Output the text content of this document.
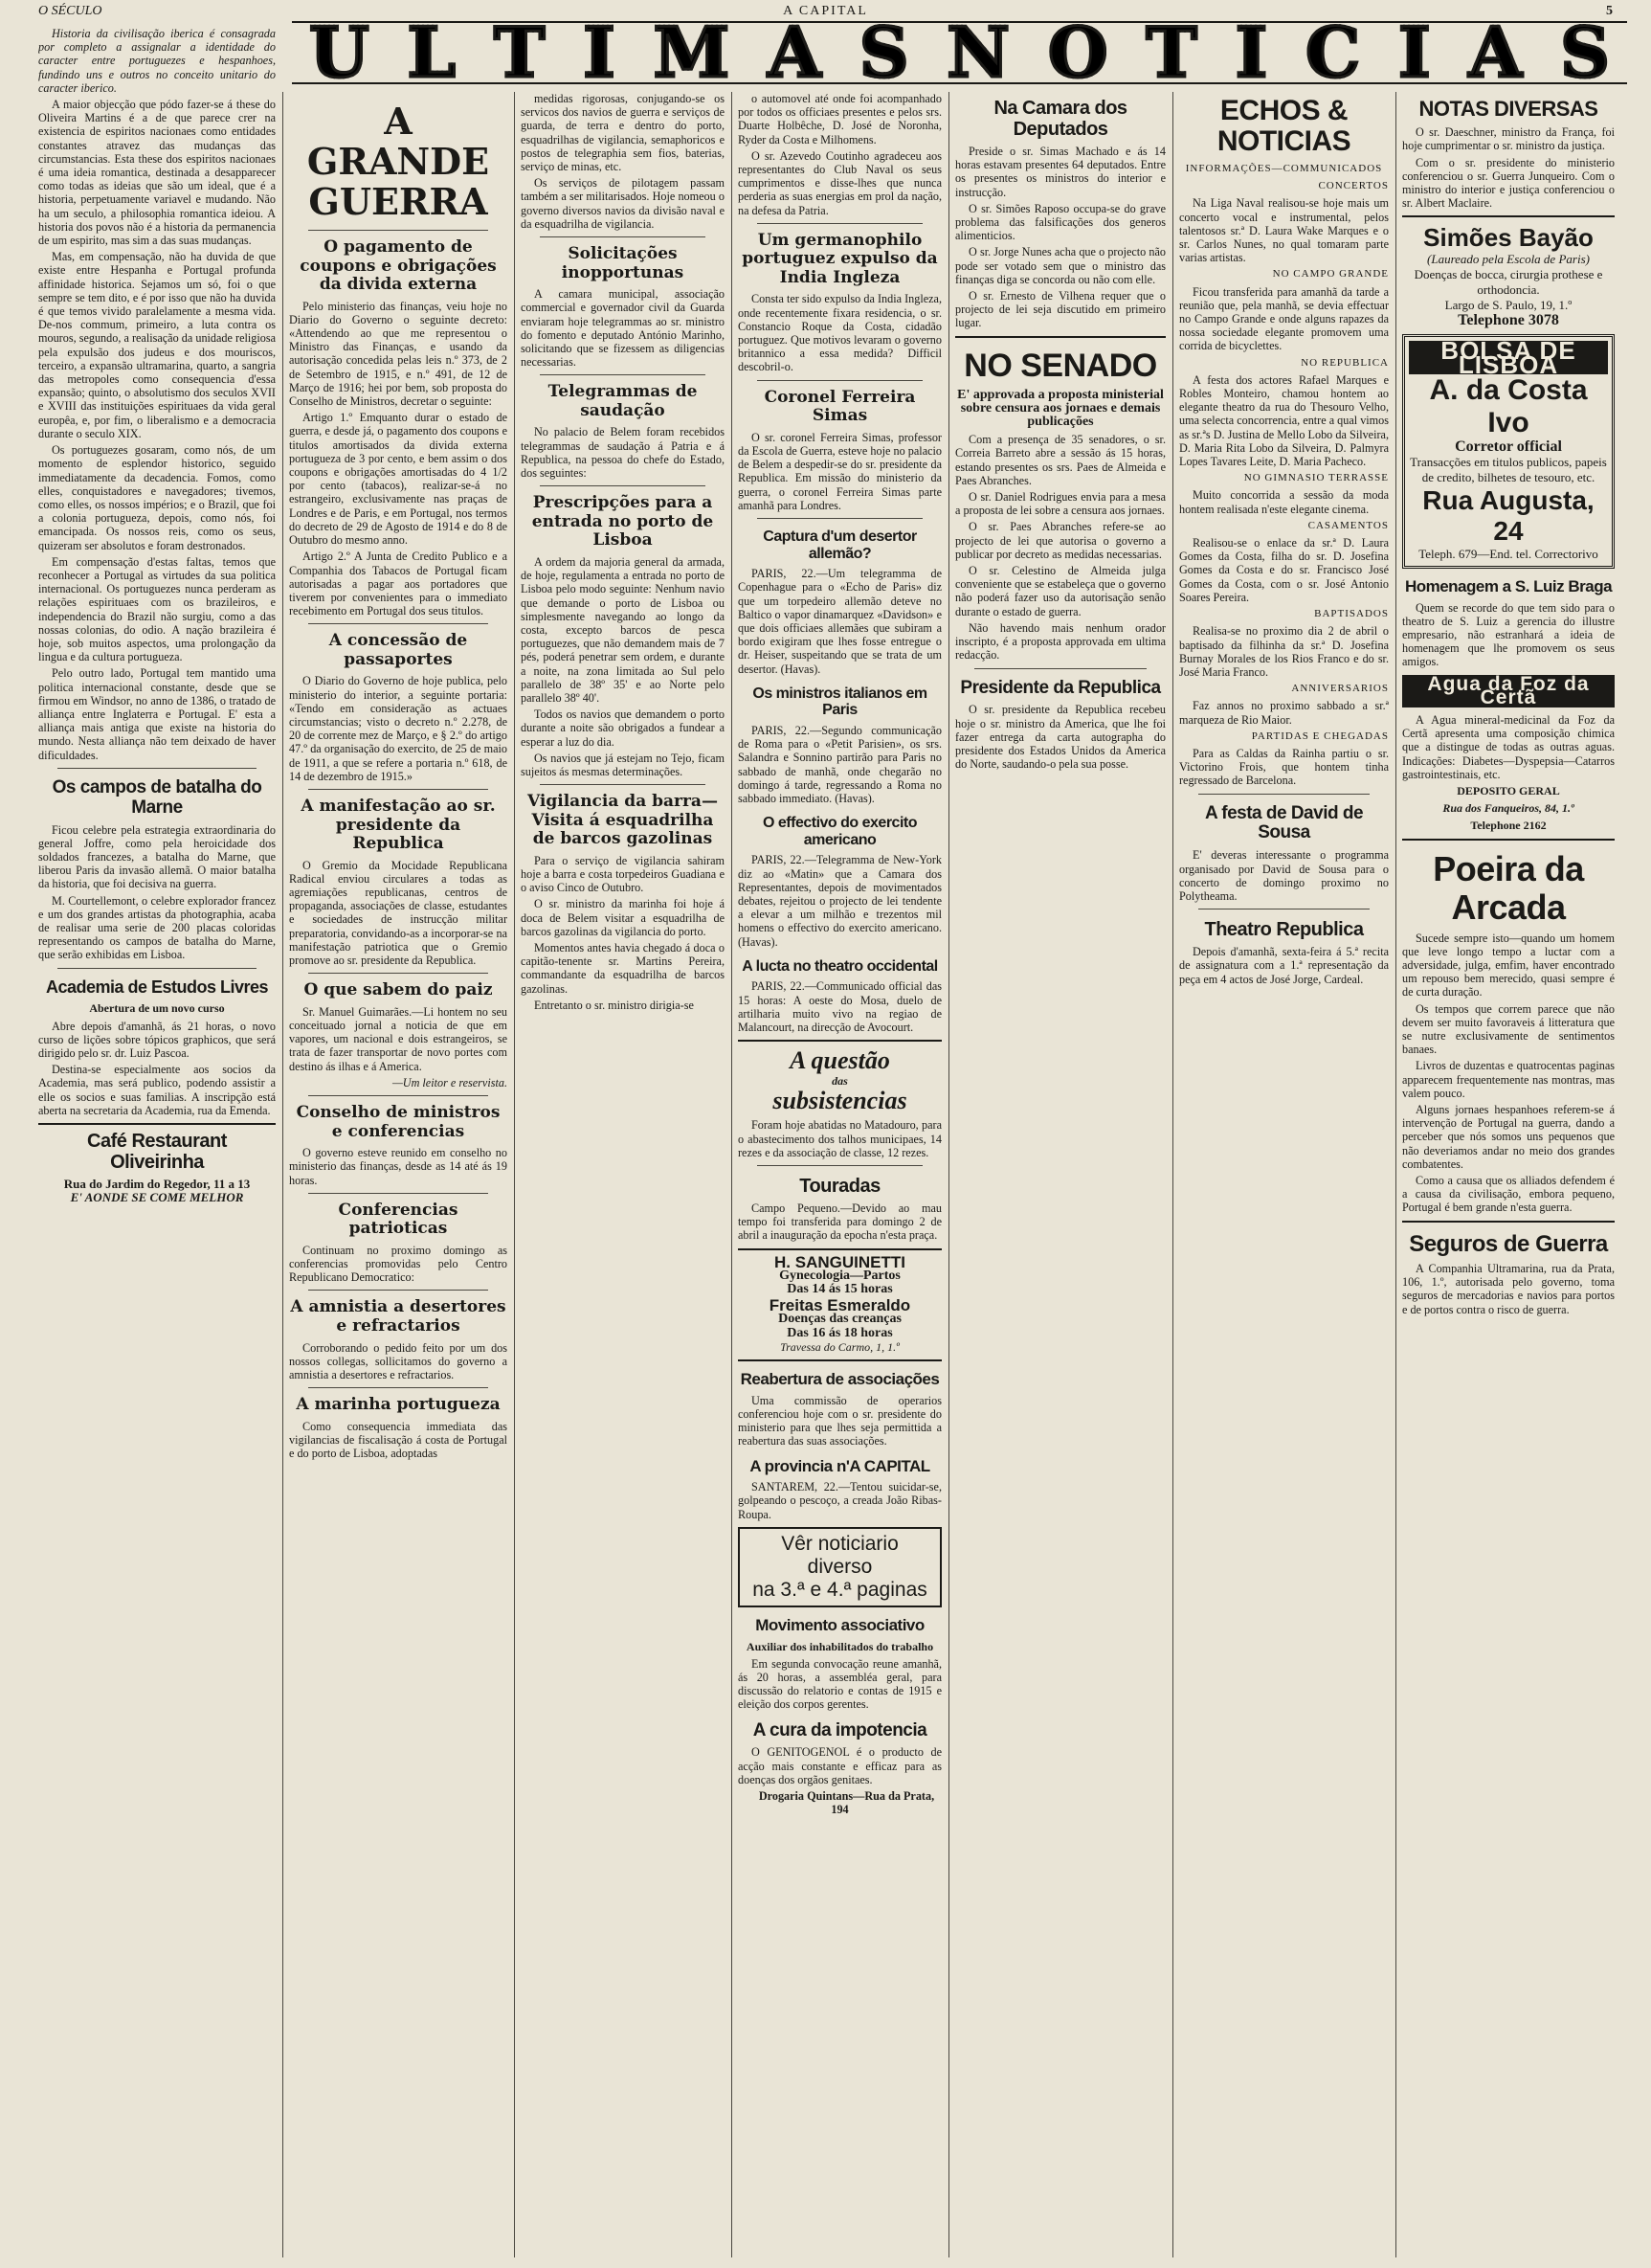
O SÉCULO	A CAPITAL	5
U L T I M A S N O T I C I A S

Historia da civilisação iberica é consagrada por completo a assignalar a identidade do caracter entre portuguezes e hespanhoes, fundindo uns e outros no conceito unitario do caracter iberico.

A maior objecção que pódo fazer-se á these do Oliveira Martins é a de que parece crer na existencia de espiritos nacionaes como entidades constantes atravez das mudanças das circumstancias. Esta these dos espiritos nacionaes é uma ideia romantica, destinada a desapparecer como todas as ideias que são um ideal, que é a historia, perpetuamente variavel e mudando. Não ha um seculo, a philosophia romantica ideiou. A historia dos povos não é a historia da permanencia de um espirito, mas sim a das suas mudanças.

Mas, em compensação, não ha duvida de que existe entre Hespanha e Portugal profunda affinidade historica. Sejamos um só, foi o que sempre se tem dito, e é por isso que não ha duvida é que temos vivido paralelamente a mesma vida. De-nos commum, primeiro, a luta contra os mouros, segundo, a realisação da unidade religiosa pela expulsão dos judeus e dos mouriscos, terceiro, a expansão ultramarina, quarto, a sangria das metropoles como consequencia d'essa expansão; quinto, o absolutismo dos seculos XVII e XVIII das instituições espirituaes da vida geral europêa, e, por fim, o liberalismo e a democracia durante o seculo XIX.

Os portuguezes gosaram, como nós, de um momento de esplendor historico, seguido immediatamente da decadencia. Fomos, como elles, conquistadores e navegadores; tivemos, como elles, os nossos impérios; e o Brazil, que foi a colonia portugueza, depois, como nós, foi emancipada. Os nossos reis, como os seus, quizeram ser absolutos e foram destronados.

Em compensação d'estas faltas, temos que reconhecer a Portugal as virtudes da sua politica internacional. Os portuguezes nunca perderam as relações espirituaes com os brazileiros, e independencia do Brazil não surgiu, como a das nossas colonias, do odio. A nação brazileira é hoje, sob muitos aspectos, uma prolongação da lingua e da cultura portugueza.

Pelo outro lado, Portugal tem mantido uma politica internacional constante, desde que se firmou em Windsor, no anno de 1386, o tratado de alliança entre Inglaterra e Portugal. E' esta a alliança mais antiga que existe na historia do mundo. Nesta alliança não tem deixado de haver dificuldades.

Os campos de batalha do Marne

Ficou celebre pela estrategia extraordinaria do general Joffre, como pela heroicidade dos soldados francezes, a batalha do Marne, que liberou Paris da invasão allemã. O maior batalha da historia, que foi decisiva na guerra.

M. Courtellemont, o celebre explorador francez e um dos grandes artistas da photographia, acaba de realisar uma serie de 200 placas coloridas representando os campos de batalha do Marne, que serão exhibidas em Lisboa.

Academia de Estudos Livres
Abertura de um novo curso

Abre depois d'amanhã, ás 21 horas, o novo curso de lições sobre tópicos graphicos, que será dirigido pelo sr. dr. Luiz Pascoa.

Destina-se especialmente aos socios da Academia, mas será publico, podendo assistir a elle os socios e suas familias. A inscripção está aberta na secretaria da Academia, rua da Emenda.

Café Restaurant Oliveirinha
Rua do Jardim do Regedor, 11 a 13
E' AONDE SE COME MELHOR
A GRANDE GUERRA
O pagamento de coupons e obrigações da divida externa

Pelo ministerio das finanças, veiu hoje no Diario do Governo o seguinte decreto: «Attendendo ao que me representou o Ministro das Finanças, e usando da autorisação concedida pelas leis n.º 373, de 2 de Setembro de 1915, e n.º 491, de 12 de Março de 1916; hei por bem, sob proposta do Conselho de Ministros, decretar o seguinte:

Artigo 1.º Emquanto durar o estado de guerra, e desde já, o pagamento dos coupons e titulos amortisados da divida externa portugueza de 3 por cento, e bem assim o dos coupons e obrigações amortisadas do 4 1/2 por cento (tabacos), realizar-se-á no estrangeiro, exclusivamente nas praças de Londres e de Paris, e em Portugal, nos termos do decreto de 29 de Agosto de 1914 e do 8 de Outubro do mesmo anno.

Artigo 2.º A Junta de Credito Publico e a Companhia dos Tabacos de Portugal ficam autorisadas a pagar aos portadores que tiverem por convenientes para o immediato recebimento em Portugal dos seus titulos.

A concessão de passaportes

O Diario do Governo de hoje publica, pelo ministerio do interior, a seguinte portaria: «Tendo em consideração as actuaes circumstancias; visto o decreto n.º 2.278, de 20 de corrente mez de Março, e § 2.º do artigo 47.º da organisação do exercito, de 25 de maio de 1911, a que se refere a portaria n.º 618, de 14 de dezembro de 1915.»

A manifestação ao sr. presidente da Republica

O Gremio da Mocidade Republicana Radical enviou circulares a todas as agremiações republicanas, centros de propaganda, associações de classe, estudantes e sociedades de instrucção militar preparatoria, convidando-as a incorporar-se na manifestação patriotica que o Gremio promove ao sr. presidente da Republica.

O que sabem do paiz

Sr. Manuel Guimarães.—Li hontem no seu conceituado jornal a noticia de que em vapores, um nacional e dois estrangeiros, se trata de fazer transportar de novo portes com destino ás ilhas e á America.

—Um leitor e reservista.

Conselho de ministros e conferencias

O governo esteve reunido em conselho no ministerio das finanças, desde as 14 até ás 19 horas.

Conferencias patrioticas

Continuam no proximo domingo as conferencias promovidas pelo Centro Republicano Democratico:

A amnistia a desertores e refractarios

Corroborando o pedido feito por um dos nossos collegas, sollicitamos do governo a amnistia a desertores e refractarios.

A marinha portugueza

Como consequencia immediata das vigilancias de fiscalisação á costa de Portugal e do porto de Lisboa, adoptadas

medidas rigorosas, conjugando-se os servicos dos navios de guerra e serviços de guarda, de terra e dentro do porto, esquadrilhas de vigilancia, semaphoricos e postos de telegraphia sem fios, baterias, serviço de minas, etc.

Os serviços de pilotagem passam também a ser militarisados. Hoje nomeou o governo diversos navios da divisão naval e da esquadrilha de vigilancia.

Solicitações inopportunas

A camara municipal, associação commercial e governador civil da Guarda enviaram hoje telegrammas ao sr. ministro do fomento e deputado António Marinho, solicitando que se fizessem as diligencias necessarias.

Telegrammas de saudação

No palacio de Belem foram recebidos telegrammas de saudação á Patria e á Republica, na pessoa do chefe do Estado, dos seguintes:

Prescripções para a entrada no porto de Lisboa

A ordem da majoria general da armada, de hoje, regulamenta a entrada no porto de Lisboa pelo modo seguinte: Nenhum navio que demande o porto de Lisboa ou simplesmente navegando ao longo da costa, excepto barcos de pesca portuguezes, que não demandem mais de 7 pés, poderá penetrar sem ordem, e durante a noite, na zona limitada ao Sul pelo parallelo de 38º 35' e ao Norte pelo parallelo 38º 40'.

Todos os navios que demandem o porto durante a noite são obrigados a fundear a esperar a luz do dia.

Os navios que já estejam no Tejo, ficam sujeitos ás mesmas determinações.

Vigilancia da barra—Visita á esquadrilha de barcos gazolinas

Para o serviço de vigilancia sahiram hoje a barra e costa torpedeiros Guadiana e o aviso Cinco de Outubro.

O sr. ministro da marinha foi hoje á doca de Belem visitar a esquadrilha de barcos gazolinas da vigilancia do porto.

Momentos antes havia chegado á doca o capitão-tenente sr. Martins Pereira, commandante da esquadrilha de barcos gazolinas.

Entretanto o sr. ministro dirigia-se

o automovel até onde foi acompanhado por todos os officiaes presentes e pelos srs. Duarte Holbêche, D. José de Noronha, Ryder da Costa e Milhomens.

O sr. Azevedo Coutinho agradeceu aos representantes do Club Naval os seus cumprimentos e disse-lhes que nunca perderia as suas energias em prol da nação, na defesa da Patria.

Um germanophilo portuguez expulso da India Ingleza

Consta ter sido expulso da India Ingleza, onde recentemente fixara residencia, o sr. Constancio Roque da Costa, cidadão portuguez. Que motivos levaram o governo britannico a essa medida? Difficil descobril-o.

Coronel Ferreira Simas

O sr. coronel Ferreira Simas, professor da Escola de Guerra, esteve hoje no palacio de Belem a despedir-se do sr. presidente da Republica. Em missão do ministerio da guerra, o coronel Ferreira Simas parte amanhã para Londres.

Captura d'um desertor allemão?

PARIS, 22.—Um telegramma de Copenhague para o «Echo de Paris» diz que um torpedeiro allemão deteve no Baltico o vapor dinamarquez «Davidson» e que dois officiaes allemães que subiram a bordo exigiram que lhes fosse entregue o dr. Heiser, suspeitando que se trata de um desertor. (Havas).

Os ministros italianos em Paris

PARIS, 22.—Segundo communicação de Roma para o «Petit Parisien», os srs. Salandra e Sonnino partirão para Paris no sabbado de manhã, onde chegarão no domingo á tarde, regressando a Roma no sabbado immediato. (Havas).

O effectivo do exercito americano

PARIS, 22.—Telegramma de New-York diz ao «Matin» que a Camara dos Representantes, depois de movimentados debates, rejeitou o projecto de lei tendente a elevar a um milhão e trezentos mil homens o effectivo do exercito americano. (Havas).

A lucta no theatro occidental

PARIS, 22.—Communicado official das 15 horas: A oeste do Mosa, duelo de artilharia muito vivo na regiao de Malancourt, na direcção de Avocourt.

A questão
das
subsistencias

Foram hoje abatidas no Matadouro, para o abastecimento dos talhos municipaes, 14 rezes e da associação de classe, 12 rezes.

Touradas

Campo Pequeno.—Devido ao mau tempo foi transferida para domingo 2 de abril a inauguração da epocha n'esta praça.

H. SANGUINETTI
Gynecologia—Partos
Das 14 ás 15 horas
Freitas Esmeraldo
Doenças das creanças
Das 16 ás 18 horas
Travessa do Carmo, 1, 1.º
Reabertura de associações

Uma commissão de operarios conferenciou hoje com o sr. presidente do ministerio para que lhes seja permittida a reabertura das suas associações.

A provincia n'A CAPITAL

SANTAREM, 22.—Tentou suicidar-se, golpeando o pescoço, a creada João Ribas-Roupa.

Vêr noticiario
diverso
na 3.ª e 4.ª paginas
Movimento associativo
Auxiliar dos inhabilitados do trabalho

Em segunda convocação reune amanhã, ás 20 horas, a assembléa geral, para discussão do relatorio e contas de 1915 e eleição dos corpos gerentes.

A cura da impotencia

O GENITOGENOL é o producto de acção mais constante e efficaz para as doenças dos orgãos genitaes.

Drogaria Quintans—Rua da Prata, 194

Na Camara dos Deputados

Preside o sr. Simas Machado e ás 14 horas estavam presentes 64 deputados. Entre os presentes os ministros do interior e instrucção.

O sr. Simões Raposo occupa-se do grave problema das falsificações dos generos alimenticios.

O sr. Jorge Nunes acha que o projecto não pode ser votado sem que o ministro das finanças diga se concorda ou não com elle.

O sr. Ernesto de Vilhena requer que o projecto de lei seja discutido em primeiro lugar.

NO SENADO
E' approvada a proposta ministerial sobre censura aos jornaes e demais publicações

Com a presença de 35 senadores, o sr. Correia Barreto abre a sessão ás 15 horas, estando presentes os srs. Paes de Almeida e Paes Abranches.

O sr. Daniel Rodrigues envia para a mesa a proposta de lei sobre a censura aos jornaes.

O sr. Paes Abranches refere-se ao projecto de lei que autorisa o governo a publicar por decreto as medidas necessarias.

O sr. Celestino de Almeida julga conveniente que se estabeleça que o governo não poderá fazer uso da autorisação senão durante o estado de guerra.

Não havendo mais nenhum orador inscripto, é a proposta approvada em ultima redacção.

Presidente da Republica

O sr. presidente da Republica recebeu hoje o sr. ministro da America, que lhe foi fazer entrega da carta autographa do presidente dos Estados Unidos da America do Norte, saudando-o pela sua posse.

ECHOS & NOTICIAS
INFORMAÇÕES—COMMUNICADOS
CONCERTOS

Na Liga Naval realisou-se hoje mais um concerto vocal e instrumental, pelos talentosos sr.ª D. Laura Wake Marques e o sr. Carlos Nunes, no qual tomaram parte varias artistas.

NO CAMPO GRANDE

Ficou transferida para amanhã da tarde a reunião que, pela manhã, se devia effectuar no Campo Grande e onde alguns rapazes da nossa sociedade elegante promovem uma corrida de bicyclettes.

NO REPUBLICA

A festa dos actores Rafael Marques e Robles Monteiro, chamou hontem ao elegante theatro da rua do Thesouro Velho, uma selecta concorrencia, entre a qual vimos as sr.ªs D. Justina de Mello Lobo da Silveira, D. Maria Rita Lobo da Silveira, D. Palmyra Lopes Tavares Leite, D. Maria Pacheco.

NO GIMNASIO TERRASSE

Muito concorrida a sessão da moda hontem realisada n'este elegante cinema.

CASAMENTOS

Realisou-se o enlace da sr.ª D. Laura Gomes da Costa, filha do sr. D. Josefina Gomes da Costa e do sr. Francisco José Gomes da Costa, com o sr. José Antonio Soares Pereira.

BAPTISADOS

Realisa-se no proximo dia 2 de abril o baptisado da filhinha da sr.ª D. Josefina Burnay Morales de los Rios Franco e do sr. José Maria Franco.

ANNIVERSARIOS

Faz annos no proximo sabbado a sr.ª marqueza de Rio Maior.

PARTIDAS E CHEGADAS

Para as Caldas da Rainha partiu o sr. Victorino Frois, que hontem tinha regressado de Barcelona.

A festa de David de Sousa

E' deveras interessante o programma organisado por David de Sousa para o concerto de domingo proximo no Polytheama.

Theatro Republica

Depois d'amanhã, sexta-feira á 5.ª recita de assignatura com a 1.ª representação da peça em 4 actos de José Jorge, Cardeal.

NOTAS DIVERSAS

O sr. Daeschner, ministro da França, foi hoje cumprimentar o sr. ministro da justiça.

Com o sr. presidente do ministerio conferenciou o sr. Guerra Junqueiro. Com o ministro do interior e justiça conferenciou o sr. Albert Maclaire.

Simões Bayão
(Laureado pela Escola de Paris)
Doenças de bocca, cirurgia prothese e orthodoncia.
Largo de S. Paulo, 19, 1.º
Telephone 3078
BOLSA DE LISBOA
A. da Costa Ivo
Corretor official
Transacções em titulos publicos, papeis de credito, bilhetes de tesouro, etc.
Rua Augusta, 24
Teleph. 679—End. tel. Correctorivo
Homenagem a S. Luiz Braga

Quem se recorde do que tem sido para o theatro de S. Luiz a gerencia do illustre empresario, não estranhará a ideia de homenagem que lhe promovem os seus amigos.

Agua da Foz da Certã

A Agua mineral-medicinal da Foz da Certã apresenta uma composição chimica que a distingue de todas as outras aguas. Indicações: Diabetes—Dyspepsia—Catarros gastrointestinais, etc.

DEPOSITO GERAL
Rua dos Fanqueiros, 84, 1.º
Telephone 2162
Poeira da Arcada

Sucede sempre isto—quando um homem que leve longo tempo a luctar com a adversidade, julga, emfim, haver encontrado um repouso bem merecido, quasi sempre é de curta duração.

Os tempos que correm parece que não devem ser muito favoraveis á litteratura que se nutre exclusivamente de sentimentos banaes.

Livros de duzentas e quatrocentas paginas apparecem frequentemente nas montras, mas valem pouco.

Alguns jornaes hespanhoes referem-se á intervenção de Portugal na guerra, dando a perceber que nós somos uns pequenos que não deveriamos andar no meio dos grandes combatentes.

Como a causa que os alliados defendem é a causa da civilisação, embora pequeno, Portugal é bem grande n'esta guerra.

Seguros de Guerra

A Companhia Ultramarina, rua da Prata, 106, 1.º, autorisada pelo governo, toma seguros de mercadorias e navios para portos e de portos contra o risco de guerra.
